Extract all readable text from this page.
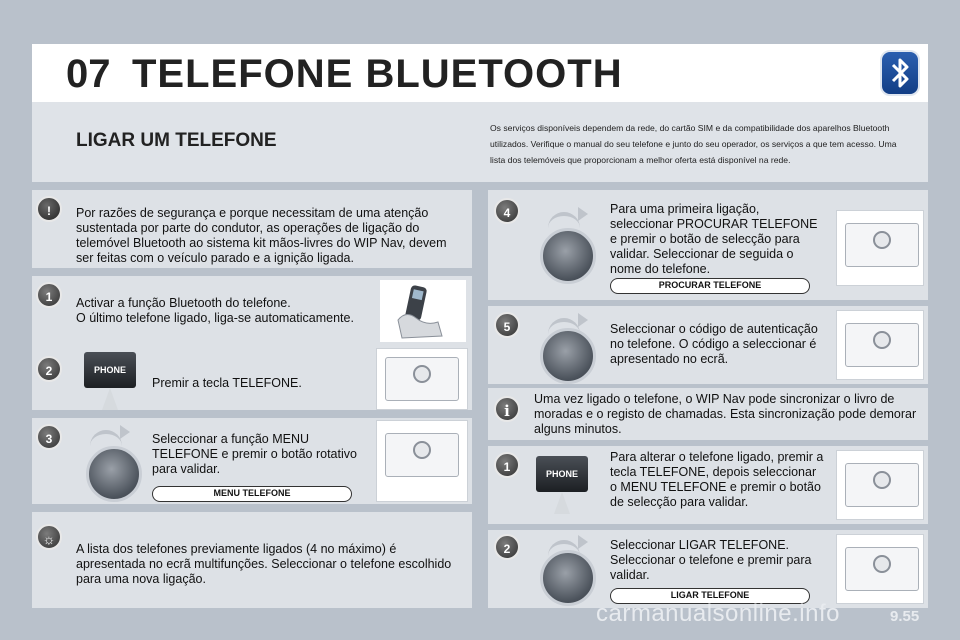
07 TELEFONE BLUETOOTH
LIGAR UM TELEFONE
Os serviços disponíveis dependem da rede, do cartão SIM e da compatibilidade dos aparelhos Bluetooth utilizados. Verifique o manual do seu telefone e junto do seu operador, os serviços a que tem acesso. Uma lista dos telemóveis que proporcionam a melhor oferta está disponível na rede.
!	Por razões de segurança e porque necessitam de uma atenção sustentada por parte do condutor, as operações de ligação do telemóvel Bluetooth ao sistema kit mãos-livres do WIP Nav, devem ser feitas com o veículo parado e a ignição ligada.
1	Activar a função Bluetooth do telefone.
O último telefone ligado, liga-se automaticamente.
2	PHONE
Premir a tecla TELEFONE.
3	Seleccionar a função MENU TELEFONE e premir o botão rotativo para validar.
MENU TELEFONE
☼
A lista dos telefones previamente ligados (4 no máximo) é apresentada no ecrã multifunções. Seleccionar o telefone escolhido para uma nova ligação.
4	Para uma primeira ligação, seleccionar PROCURAR TELEFONE e premir o botão de selecção para validar. Seleccionar de seguida o nome do telefone.
PROCURAR TELEFONE
5	Seleccionar o código de autenticação no telefone. O código a seleccionar é apresentado no ecrã.
i
Uma vez ligado o telefone, o WIP Nav pode sincronizar o livro de moradas e o registo de chamadas. Esta sincronização pode demorar alguns minutos.
1	PHONE
Para alterar o telefone ligado, premir a tecla TELEFONE, depois seleccionar o MENU TELEFONE e premir o botão de selecção para validar.
2	Seleccionar LIGAR TELEFONE. Seleccionar o telefone e premir para validar.
LIGAR TELEFONE
carmanualsonline.info	9.55
